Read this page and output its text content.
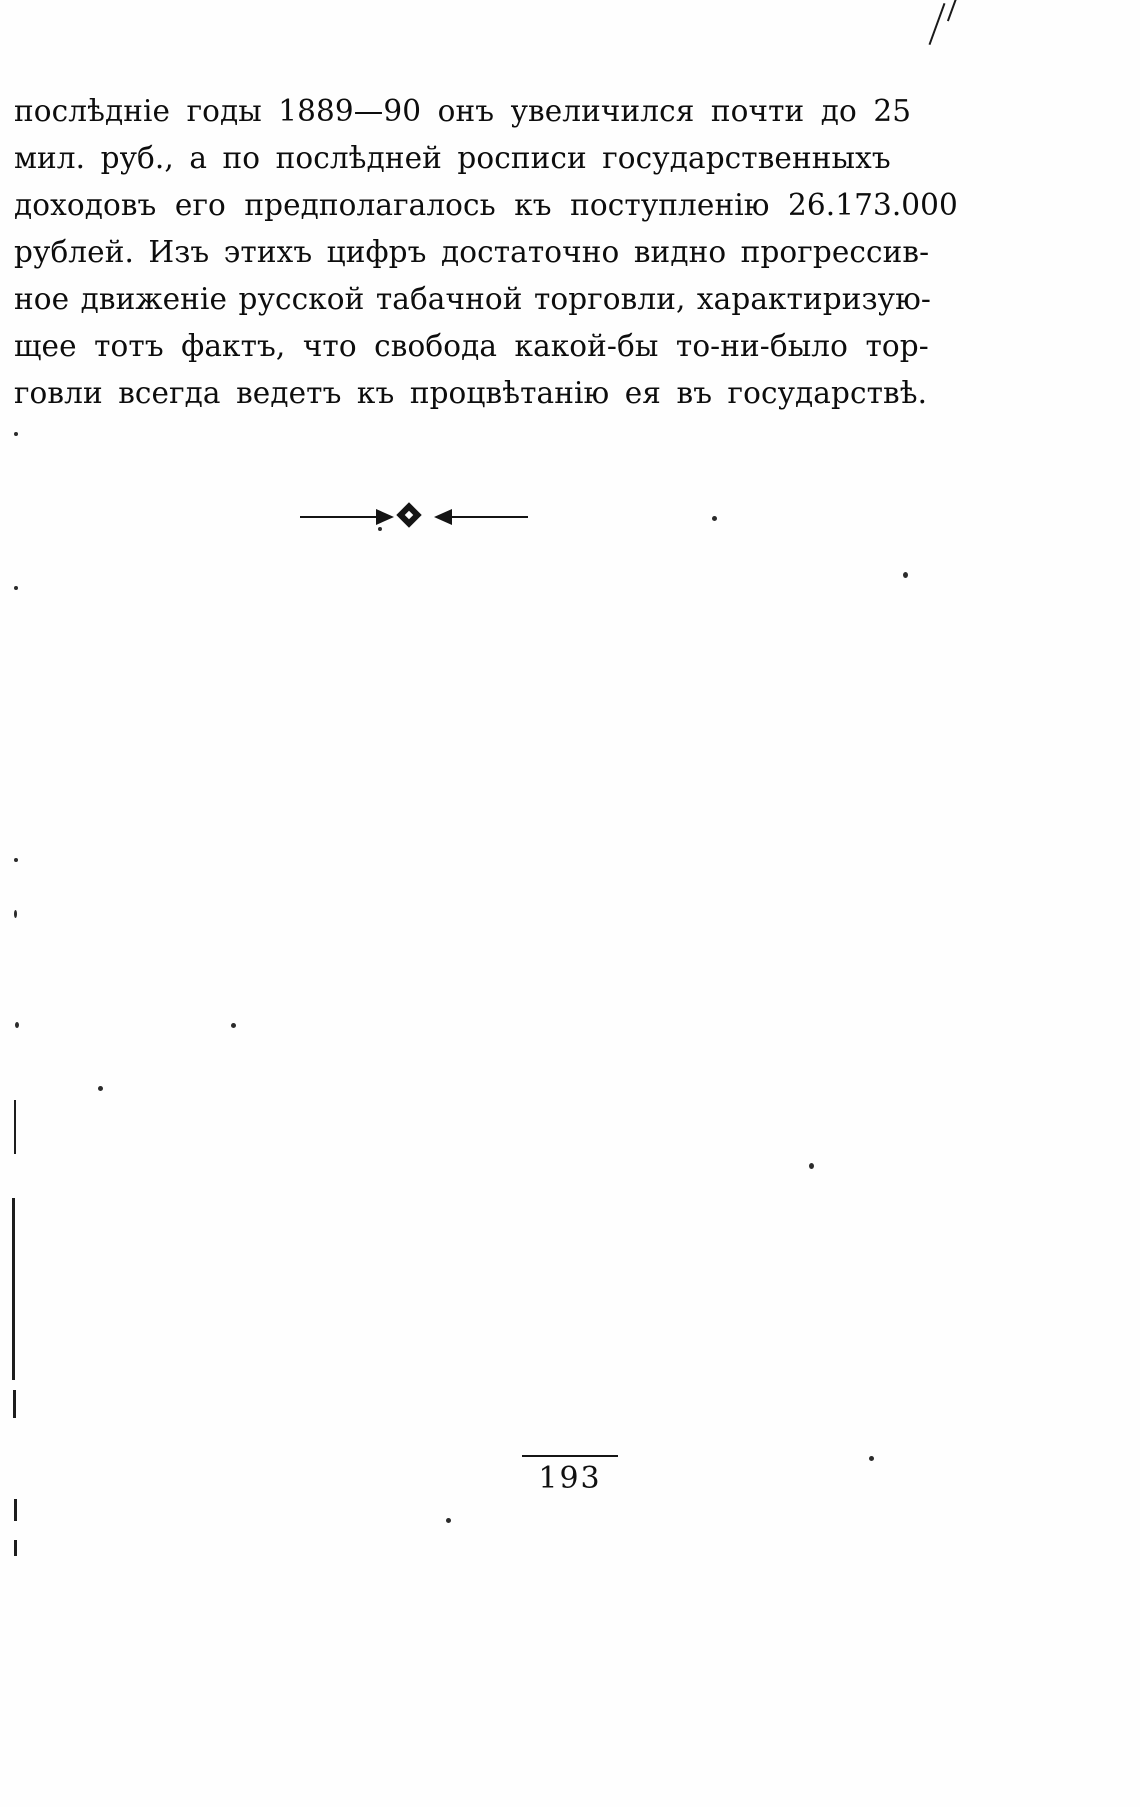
послѣднiе годы 1889—90 онъ увеличился почти до 25
мил. руб., а по послѣдней росписи государственныхъ
доходовъ его предполагалось къ поступленiю 26.173.000
рублей. Изъ этихъ цифръ достаточно видно прогрессив-
ное движенiе русской табачной торговли, характиризую-
щее тотъ фактъ, что свобода какой-бы то-ни-было тор-
говли всегда ведетъ къ процвѣтанiю ея въ государствѣ.
193
